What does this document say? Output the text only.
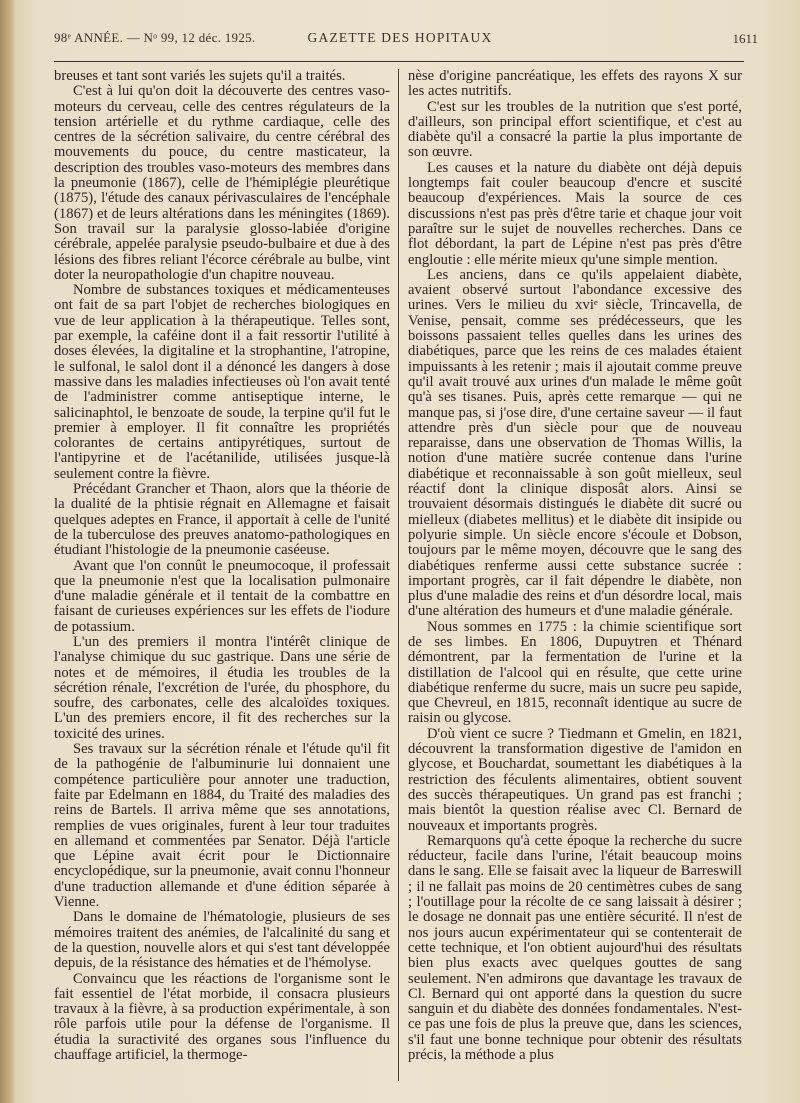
98ᵉ ANNÉE. — Nᵒ 99, 12 déc. 1925.	GAZETTE DES HOPITAUX	1611

breuses et tant sont variés les sujets qu'il a traités.

C'est à lui qu'on doit la découverte des centres vaso-moteurs du cerveau, celle des centres régulateurs de la tension artérielle et du rythme cardiaque, celle des centres de la sécrétion salivaire, du centre cérébral des mouvements du pouce, du centre masticateur, la description des troubles vaso-moteurs des membres dans la pneumonie (1867), celle de l'hémiplégie pleurétique (1875), l'étude des canaux périvasculaires de l'encéphale (1867) et de leurs altérations dans les méningites (1869). Son travail sur la paralysie glosso-labiée d'origine cérébrale, appelée paralysie pseudo-bulbaire et due à des lésions des fibres reliant l'écorce cérébrale au bulbe, vint doter la neuropathologie d'un chapitre nouveau.

Nombre de substances toxiques et médicamenteuses ont fait de sa part l'objet de recherches biologiques en vue de leur application à la thérapeutique. Telles sont, par exemple, la caféine dont il a fait ressortir l'utilité à doses élevées, la digitaline et la strophantine, l'atropine, le sulfonal, le salol dont il a dénoncé les dangers à dose massive dans les maladies infectieuses où l'on avait tenté de l'administrer comme antiseptique interne, le salicinaphtol, le benzoate de soude, la terpine qu'il fut le premier à employer. Il fit connaître les propriétés colorantes de certains antipyrétiques, surtout de l'antipyrine et de l'acétanilide, utilisées jusque-là seulement contre la fièvre.

Précédant Grancher et Thaon, alors que la théorie de la dualité de la phtisie régnait en Allemagne et faisait quelques adeptes en France, il apportait à celle de l'unité de la tuberculose des preuves anatomo-pathologiques en étudiant l'histologie de la pneumonie caséeuse.

Avant que l'on connût le pneumocoque, il professait que la pneumonie n'est que la localisation pulmonaire d'une maladie générale et il tentait de la combattre en faisant de curieuses expériences sur les effets de l'iodure de potassium.

L'un des premiers il montra l'intérêt clinique de l'analyse chimique du suc gastrique. Dans une série de notes et de mémoires, il étudia les troubles de la sécrétion rénale, l'excrétion de l'urée, du phosphore, du soufre, des carbonates, celle des alcaloïdes toxiques. L'un des premiers encore, il fit des recherches sur la toxicité des urines.

Ses travaux sur la sécrétion rénale et l'étude qu'il fit de la pathogénie de l'albuminurie lui donnaient une compétence particulière pour annoter une traduction, faite par Edelmann en 1884, du Traité des maladies des reins de Bartels. Il arriva même que ses annotations, remplies de vues originales, furent à leur tour traduites en allemand et commentées par Senator. Déjà l'article que Lépine avait écrit pour le Dictionnaire encyclopédique, sur la pneumonie, avait connu l'honneur d'une traduction allemande et d'une édition séparée à Vienne.

Dans le domaine de l'hématologie, plusieurs de ses mémoires traitent des anémies, de l'alcalinité du sang et de la question, nouvelle alors et qui s'est tant développée depuis, de la résistance des hématies et de l'hémolyse.

Convaincu que les réactions de l'organisme sont le fait essentiel de l'état morbide, il consacra plusieurs travaux à la fièvre, à sa production expérimentale, à son rôle parfois utile pour la défense de l'organisme. Il étudia la suractivité des organes sous l'influence du chauffage artificiel, la thermoge-

nèse d'origine pancréatique, les effets des rayons X sur les actes nutritifs.

C'est sur les troubles de la nutrition que s'est porté, d'ailleurs, son principal effort scientifique, et c'est au diabète qu'il a consacré la partie la plus importante de son œuvre.

Les causes et la nature du diabète ont déjà depuis longtemps fait couler beaucoup d'encre et suscité beaucoup d'expériences. Mais la source de ces discussions n'est pas près d'être tarie et chaque jour voit paraître sur le sujet de nouvelles recherches. Dans ce flot débordant, la part de Lépine n'est pas près d'être engloutie : elle mérite mieux qu'une simple mention.

Les anciens, dans ce qu'ils appelaient diabète, avaient observé surtout l'abondance excessive des urines. Vers le milieu du xviᵉ siècle, Trincavella, de Venise, pensait, comme ses prédécesseurs, que les boissons passaient telles quelles dans les urines des diabétiques, parce que les reins de ces malades étaient impuissants à les retenir ; mais il ajoutait comme preuve qu'il avait trouvé aux urines d'un malade le même goût qu'à ses tisanes. Puis, après cette remarque — qui ne manque pas, si j'ose dire, d'une certaine saveur — il faut attendre près d'un siècle pour que de nouveau reparaisse, dans une observation de Thomas Willis, la notion d'une matière sucrée contenue dans l'urine diabétique et reconnaissable à son goût mielleux, seul réactif dont la clinique disposât alors. Ainsi se trouvaient désormais distingués le diabète dit sucré ou mielleux (diabetes mellitus) et le diabète dit insipide ou polyurie simple. Un siècle encore s'écoule et Dobson, toujours par le même moyen, découvre que le sang des diabétiques renferme aussi cette substance sucrée : important progrès, car il fait dépendre le diabète, non plus d'une maladie des reins et d'un désordre local, mais d'une altération des humeurs et d'une maladie générale.

Nous sommes en 1775 : la chimie scientifique sort de ses limbes. En 1806, Dupuytren et Thénard démontrent, par la fermentation de l'urine et la distillation de l'alcool qui en résulte, que cette urine diabétique renferme du sucre, mais un sucre peu sapide, que Chevreul, en 1815, reconnaît identique au sucre de raisin ou glycose.

D'où vient ce sucre ? Tiedmann et Gmelin, en 1821, découvrent la transformation digestive de l'amidon en glycose, et Bouchardat, soumettant les diabétiques à la restriction des féculents alimentaires, obtient souvent des succès thérapeutiques. Un grand pas est franchi ; mais bientôt la question réalise avec Cl. Bernard de nouveaux et importants progrès.

Remarquons qu'à cette époque la recherche du sucre réducteur, facile dans l'urine, l'était beaucoup moins dans le sang. Elle se faisait avec la liqueur de Barreswill ; il ne fallait pas moins de 20 centimètres cubes de sang ; l'outillage pour la récolte de ce sang laissait à désirer ; le dosage ne donnait pas une entière sécurité. Il n'est de nos jours aucun expérimentateur qui se contenterait de cette technique, et l'on obtient aujourd'hui des résultats bien plus exacts avec quelques gouttes de sang seulement. N'en admirons que davantage les travaux de Cl. Bernard qui ont apporté dans la question du sucre sanguin et du diabète des données fondamentales. N'est-ce pas une fois de plus la preuve que, dans les sciences, s'il faut une bonne technique pour obtenir des résultats précis, la méthode a plus
